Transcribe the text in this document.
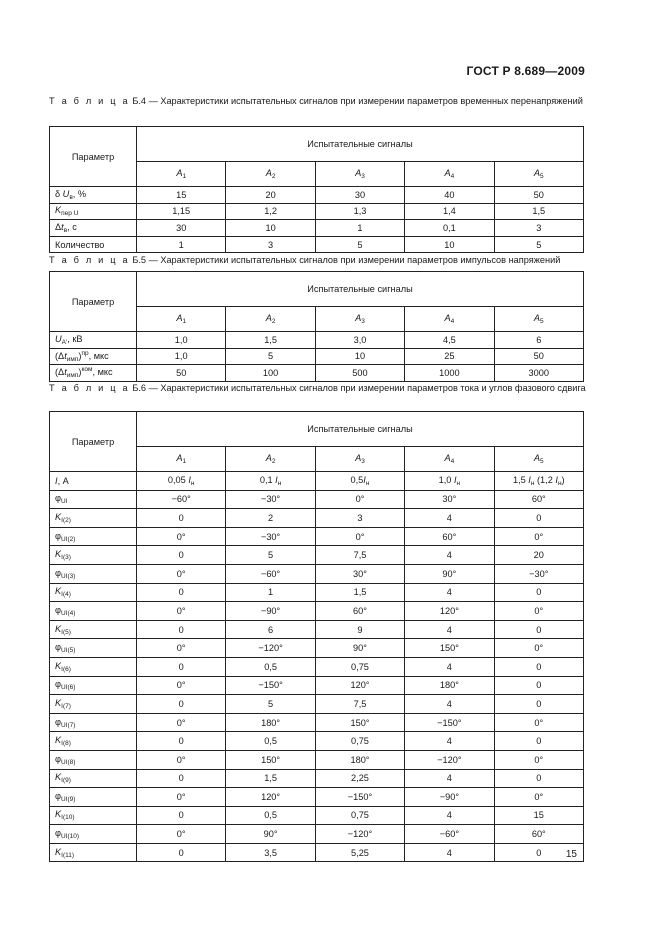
ГОСТ Р 8.689—2009
Т а б л и ц а Б.4 — Характеристики испытательных сигналов при измерении параметров временных перенапряжений
Параметр	Испытательные сигналы				
	$A_1$	$A_2$	$A_3$	$A_4$	$A_5$
δ $U_в$, %	15	20	30	40	50
$K_{пер U}$	1,15	1,2	1,3	1,4	1,5
$\Delta t_в$, с	30	10	1	0,1	3
Количество	1	3	5	10	5
Т а б л и ц а Б.5 — Характеристики испытательных сигналов при измерении параметров импульсов напряжений
Параметр	Испытательные сигналы				
	$A_1$	$A_2$	$A_3$	$A_4$	$A_5$
$U_{A'}$, кВ	1,0	1,5	3,0	4,5	6
$(\Delta t_{имп})^{пр}$, мкс	1,0	5	10	25	50
$(\Delta t_{имп})^{ком}$, мкс	50	100	500	1000	3000
Т а б л и ц а Б.6 — Характеристики испытательных сигналов при измерении параметров тока и углов фазового сдвига
Параметр	Испытательные сигналы				
	$A_1$	$A_2$	$A_3$	$A_4$	$A_5$
I, А	0,05 $I_н$	0,1 $I_н$	$0,5I_н$	1,0 $I_н$	1,5 $I_н$ (1,2 $I_н$)
$\varphi_{UI}$	−60°	−30°	0°	30°	60°
$K_{I(2)}$	0	2	3	4	0
$\varphi_{UI(2)}$	0°	−30°	0°	60°	0°
$K_{I(3)}$	0	5	7,5	4	20
$\varphi_{UI(3)}$	0°	−60°	30°	90°	−30°
$K_{I(4)}$	0	1	1,5	4	0
$\varphi_{UI(4)}$	0°	−90°	60°	120°	0°
$K_{I(5)}$	0	6	9	4	0
$\varphi_{UI(5)}$	0°	−120°	90°	150°	0°
$K_{I(6)}$	0	0,5	0,75	4	0
$\varphi_{UI(6)}$	0°	−150°	120°	180°	0
$K_{I(7)}$	0	5	7,5	4	0
$\varphi_{UI(7)}$	0°	180°	150°	−150°	0°
$K_{I(8)}$	0	0,5	0,75	4	0
$\varphi_{UI(8)}$	0°	150°	180°	−120°	0°
$K_{I(9)}$	0	1,5	2,25	4	0
$\varphi_{UI(9)}$	0°	120°	−150°	−90°	0°
$K_{I(10)}$	0	0,5	0,75	4	15
$\varphi_{UI(10)}$	0°	90°	−120°	−60°	60°
$K_{I(11)}$	0	3,5	5,25	4	0 15
